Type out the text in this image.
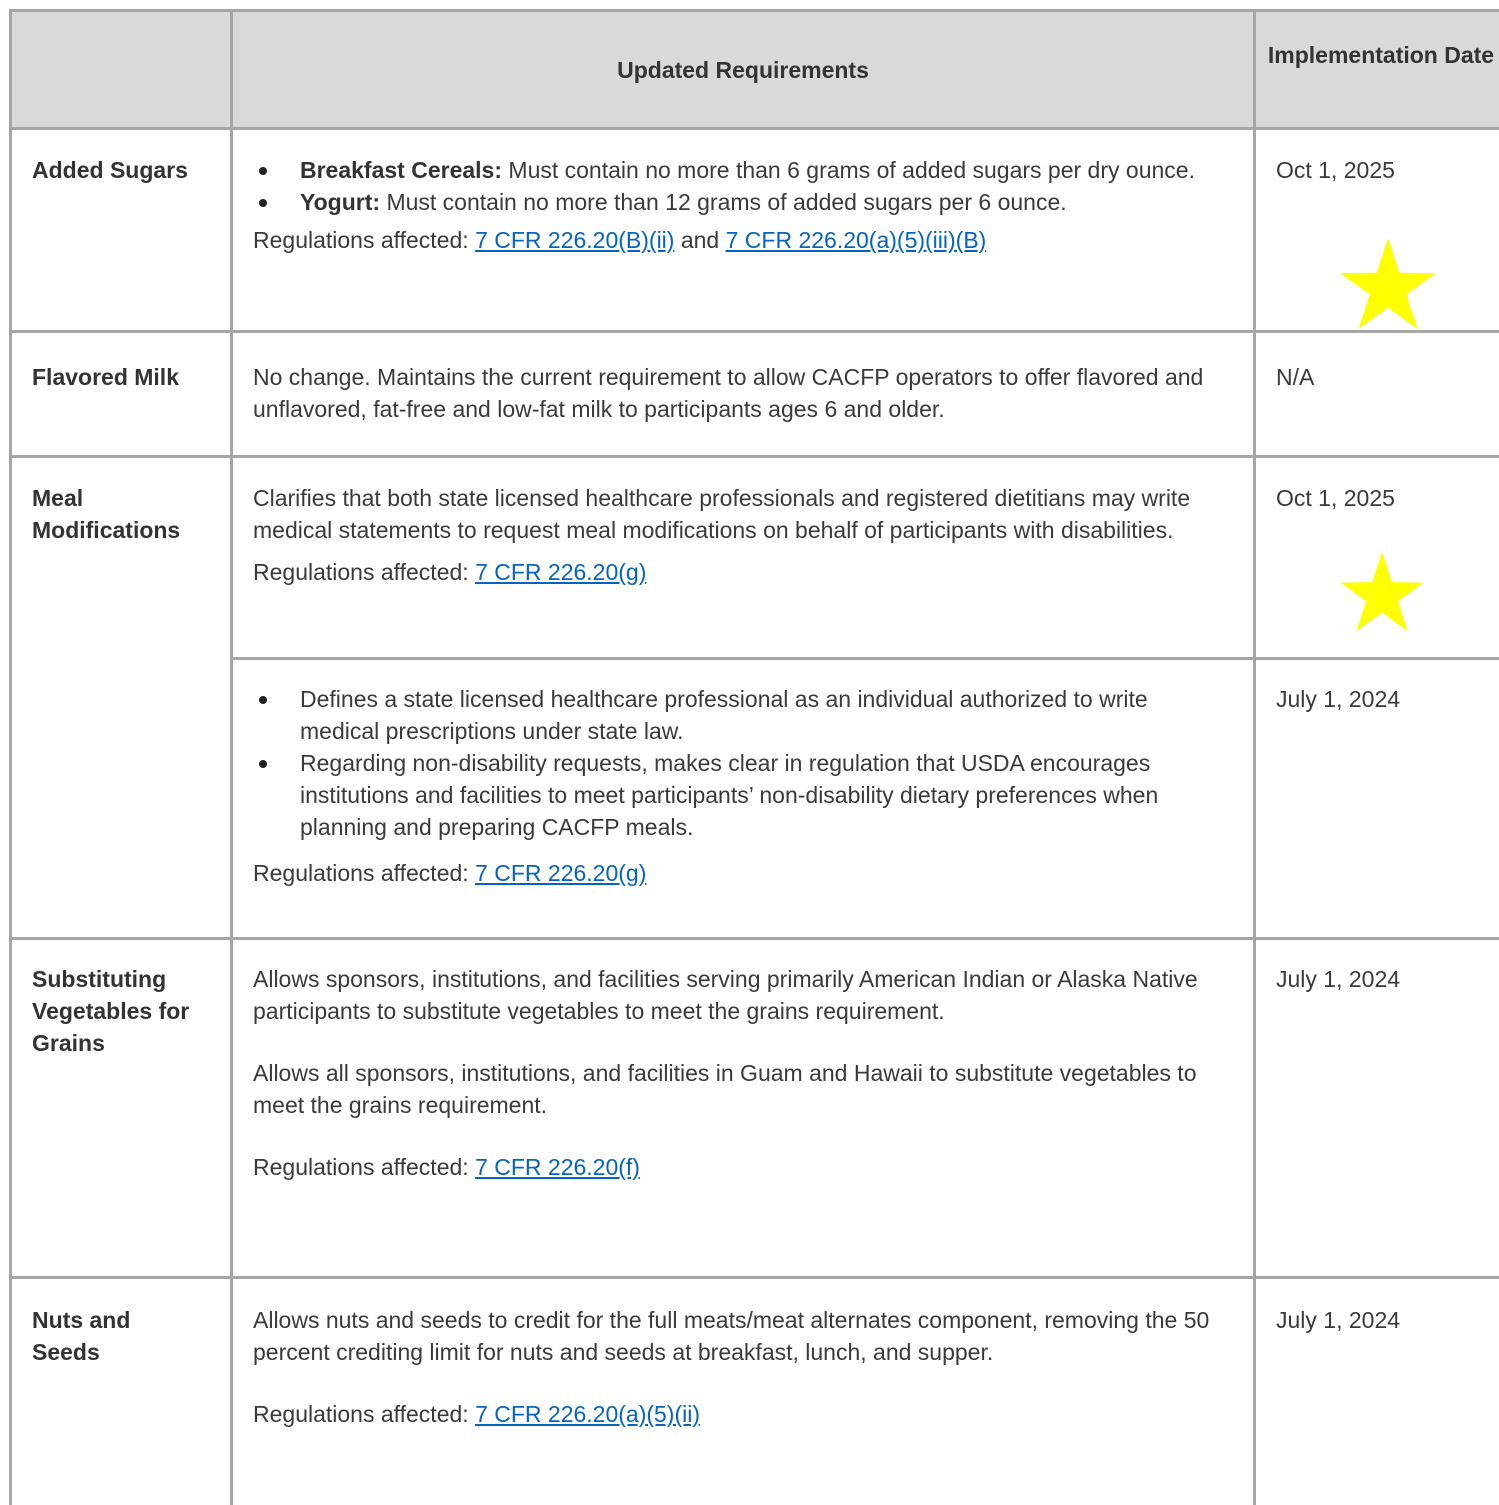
Updated Requirements
Implementation Date
Added Sugars	Breakfast Cereals: Must contain no more than 6 grams of added sugars per dry ounce.
Yogurt: Must contain no more than 12 grams of added sugars per 6 ounce.

Regulations affected: 7 CFR 226.20(B)(ii) and 7 CFR 226.20(a)(5)(iii)(B)

Oct 1, 2025
Flavored Milk	No change. Maintains the current requirement to allow CACFP operators to offer flavored and unflavored, fat-free and low-fat milk to participants ages 6 and older.
N/A
Meal Modifications

Clarifies that both state licensed healthcare professionals and registered dietitians may write medical statements to request meal modifications on behalf of participants with disabilities.

Regulations affected: 7 CFR 226.20(g)

Oct 1, 2025
Defines a state licensed healthcare professional as an individual authorized to write medical prescriptions under state law.
Regarding non-disability requests, makes clear in regulation that USDA encourages institutions and facilities to meet participants’ non-disability dietary preferences when planning and preparing CACFP meals.

Regulations affected: 7 CFR 226.20(g)

July 1, 2024
Substituting Vegetables for Grains

Allows sponsors, institutions, and facilities serving primarily American Indian or Alaska Native participants to substitute vegetables to meet the grains requirement.

Allows all sponsors, institutions, and facilities in Guam and Hawaii to substitute vegetables to meet the grains requirement.

Regulations affected: 7 CFR 226.20(f)

July 1, 2024
Nuts and Seeds

Allows nuts and seeds to credit for the full meats/meat alternates component, removing the 50 percent crediting limit for nuts and seeds at breakfast, lunch, and supper.

Regulations affected: 7 CFR 226.20(a)(5)(ii)

July 1, 2024
